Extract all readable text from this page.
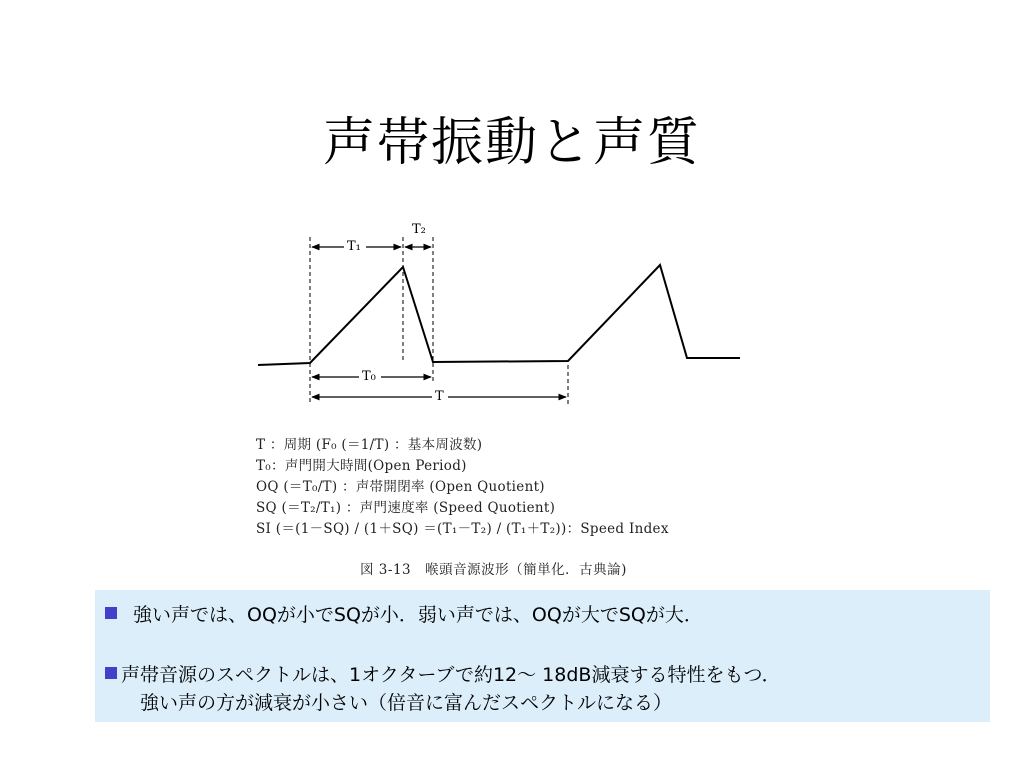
声帯振動と声質
T₁
T₂
T₀
T
T ：周期 (F₀ (＝1/T) ：基本周波数)
T₀：声門開大時間(Open Period)
OQ (＝T₀/T) ：声帯開閉率 (Open Quotient)
SQ (＝T₂/T₁) ：声門速度率 (Speed Quotient)
SI (＝(1－SQ) / (1＋SQ) ＝(T₁－T₂) / (T₁＋T₂))：Speed Index
図 3-13　喉頭音源波形（簡単化．古典論)
強い声では、OQが小でSQが小．弱い声では、OQが大でSQが大．
声帯音源のスペクトルは、1オクターブで約12～ 18dB減衰する特性をもつ．
強い声の方が減衰が小さい（倍音に富んだスペクトルになる）
